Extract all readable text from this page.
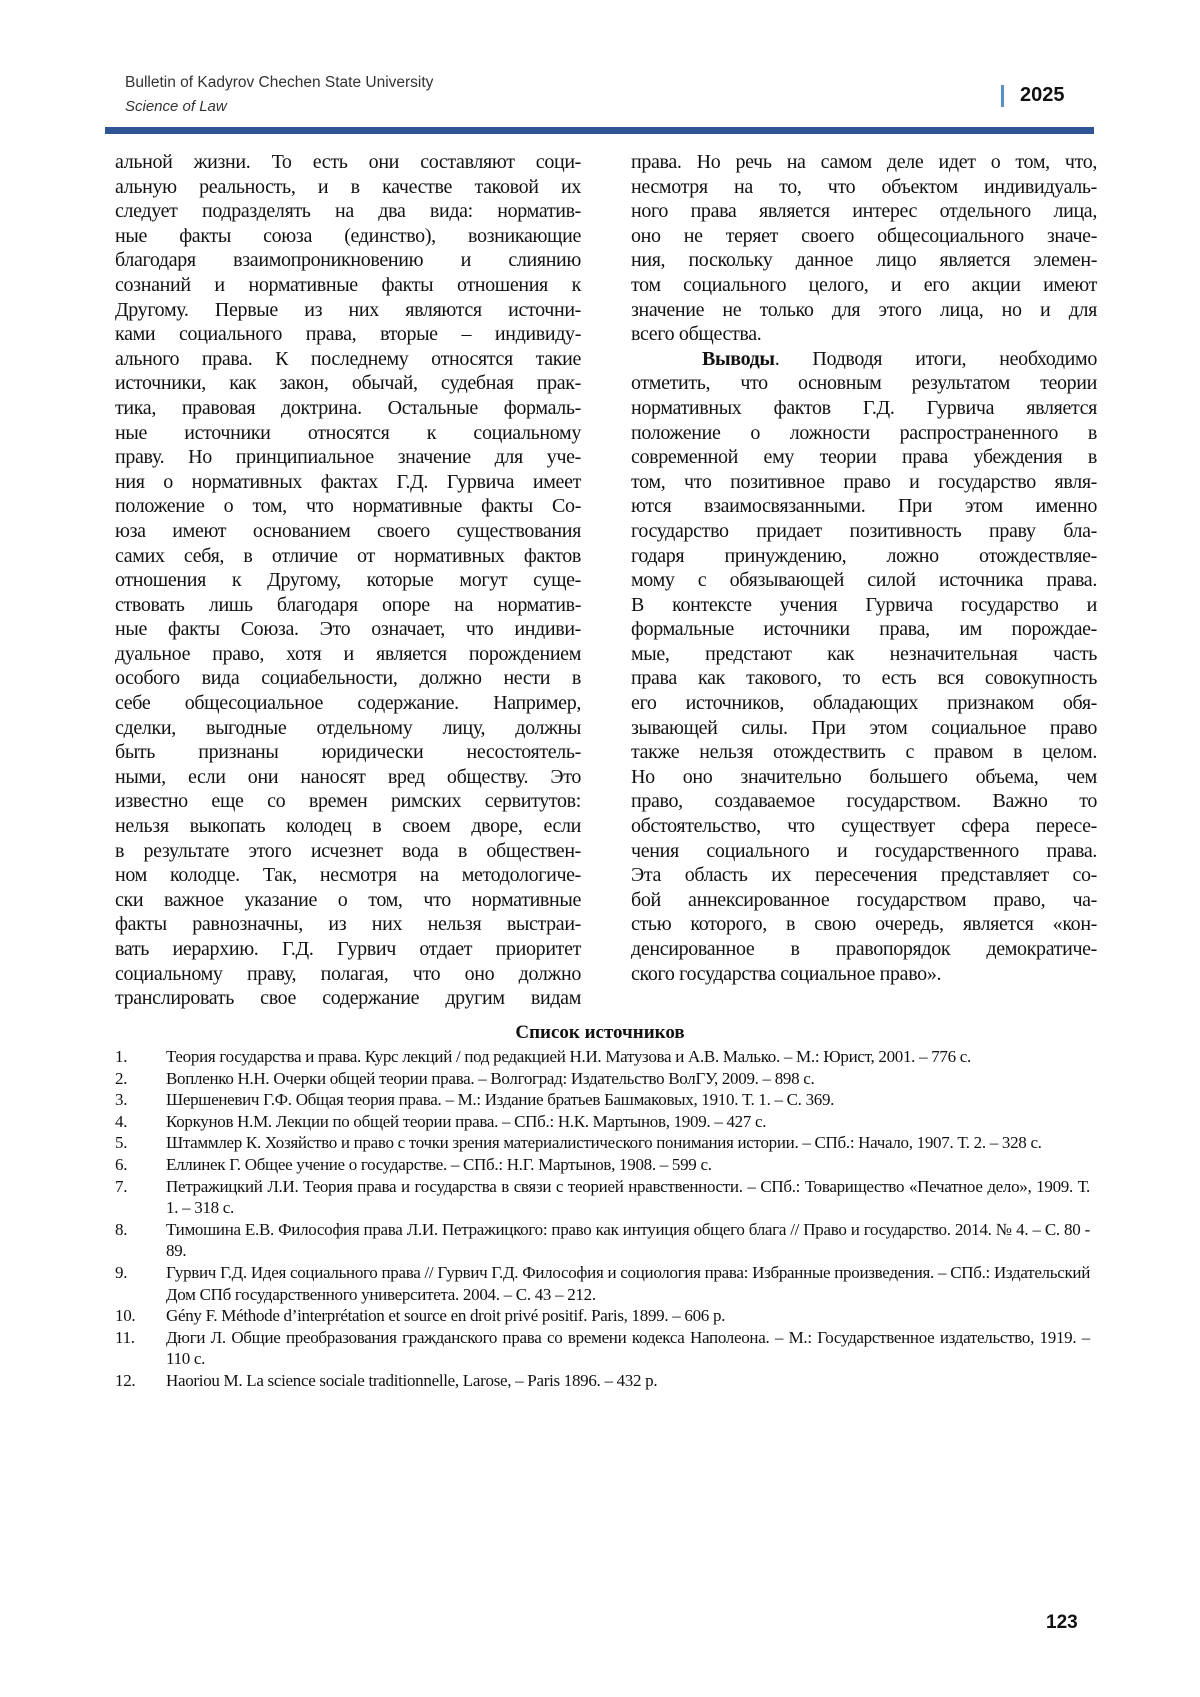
Bulletin of Kadyrov Chechen State University
Science of Law
2025
альной жизни. То есть они составляют соци-
альную реальность, и в качестве таковой их
следует подразделять на два вида: норматив-
ные факты союза (единство), возникающие
благодаря взаимопроникновению и слиянию
сознаний и нормативные факты отношения к
Другому. Первые из них являются источни-
ками социального права, вторые – индивиду-
ального права. К последнему относятся такие
источники, как закон, обычай, судебная прак-
тика, правовая доктрина. Остальные формаль-
ные источники относятся к социальному
праву. Но принципиальное значение для уче-
ния о нормативных фактах Г.Д. Гурвича имеет
положение о том, что нормативные факты Со-
юза имеют основанием своего существования
самих себя, в отличие от нормативных фактов
отношения к Другому, которые могут суще-
ствовать лишь благодаря опоре на норматив-
ные факты Союза. Это означает, что индиви-
дуальное право, хотя и является порождением
особого вида социабельности, должно нести в
себе общесоциальное содержание. Например,
сделки, выгодные отдельному лицу, должны
быть признаны юридически несостоятель-
ными, если они наносят вред обществу. Это
известно еще со времен римских сервитутов:
нельзя выкопать колодец в своем дворе, если
в результате этого исчезнет вода в обществен-
ном колодце. Так, несмотря на методологиче-
ски важное указание о том, что нормативные
факты равнозначны, из них нельзя выстраи-
вать иерархию. Г.Д. Гурвич отдает приоритет
социальному праву, полагая, что оно должно
транслировать свое содержание другим видам
права. Но речь на самом деле идет о том, что,
несмотря на то, что объектом индивидуаль-
ного права является интерес отдельного лица,
оно не теряет своего общесоциального значе-
ния, поскольку данное лицо является элемен-
том социального целого, и его акции имеют
значение не только для этого лица, но и для
всего общества.
Выводы. Подводя итоги, необходимо
отметить, что основным результатом теории
нормативных фактов Г.Д. Гурвича является
положение о ложности распространенного в
современной ему теории права убеждения в
том, что позитивное право и государство явля-
ются взаимосвязанными. При этом именно
государство придает позитивность праву бла-
годаря принуждению, ложно отождествляе-
мому с обязывающей силой источника права.
В контексте учения Гурвича государство и
формальные источники права, им порождае-
мые, предстают как незначительная часть
права как такового, то есть вся совокупность
его источников, обладающих признаком обя-
зывающей силы. При этом социальное право
также нельзя отождествить с правом в целом.
Но оно значительно большего объема, чем
право, создаваемое государством. Важно то
обстоятельство, что существует сфера пересе-
чения социального и государственного права.
Эта область их пересечения представляет со-
бой аннексированное государством право, ча-
стью которого, в свою очередь, является «кон-
денсированное в правопорядок демократиче-
ского государства социальное право».
Список источников
1.	Теория государства и права. Курс лекций / под редакцией Н.И. Матузова и А.В. Малько. – М.: Юрист, 2001. – 776 с.
2.	Вопленко Н.Н. Очерки общей теории права. – Волгоград: Издательство ВолГУ, 2009. – 898 с.
3.	Шершеневич Г.Ф. Общая теория права. – М.: Издание братьев Башмаковых, 1910. Т. 1. – С. 369.
4.	Коркунов Н.М. Лекции по общей теории права. – СПб.: Н.К. Мартынов, 1909. – 427 с.
5.	Штаммлер К. Хозяйство и право с точки зрения материалистического понимания истории. – СПб.: Начало, 1907. Т. 2. – 328 с.
6.	Еллинек Г. Общее учение о государстве. – СПб.: Н.Г. Мартынов, 1908. – 599 с.
7.	Петражицкий Л.И. Теория права и государства в связи с теорией нравственности. – СПб.: Товарищество «Печатное дело», 1909. Т. 1. – 318 с.
8.	Тимошина Е.В. Философия права Л.И. Петражицкого: право как интуиция общего блага // Право и государство. 2014. № 4. – С. 80 - 89.
9.	Гурвич Г.Д. Идея социального права // Гурвич Г.Д. Философия и социология права: Избранные произведения. – СПб.: Издательский Дом СПб государственного университета. 2004. – С. 43 – 212.
10.	Gény F. Méthode d’interprétation et source en droit privé positif. Paris, 1899. – 606 p.
11.	Дюги Л. Общие преобразования гражданского права со времени кодекса Наполеона. – М.: Государственное издательство, 1919. – 110 с.
12.	Haoriou M. La science sociale traditionnelle, Larose, – Paris 1896. – 432 p.
123
